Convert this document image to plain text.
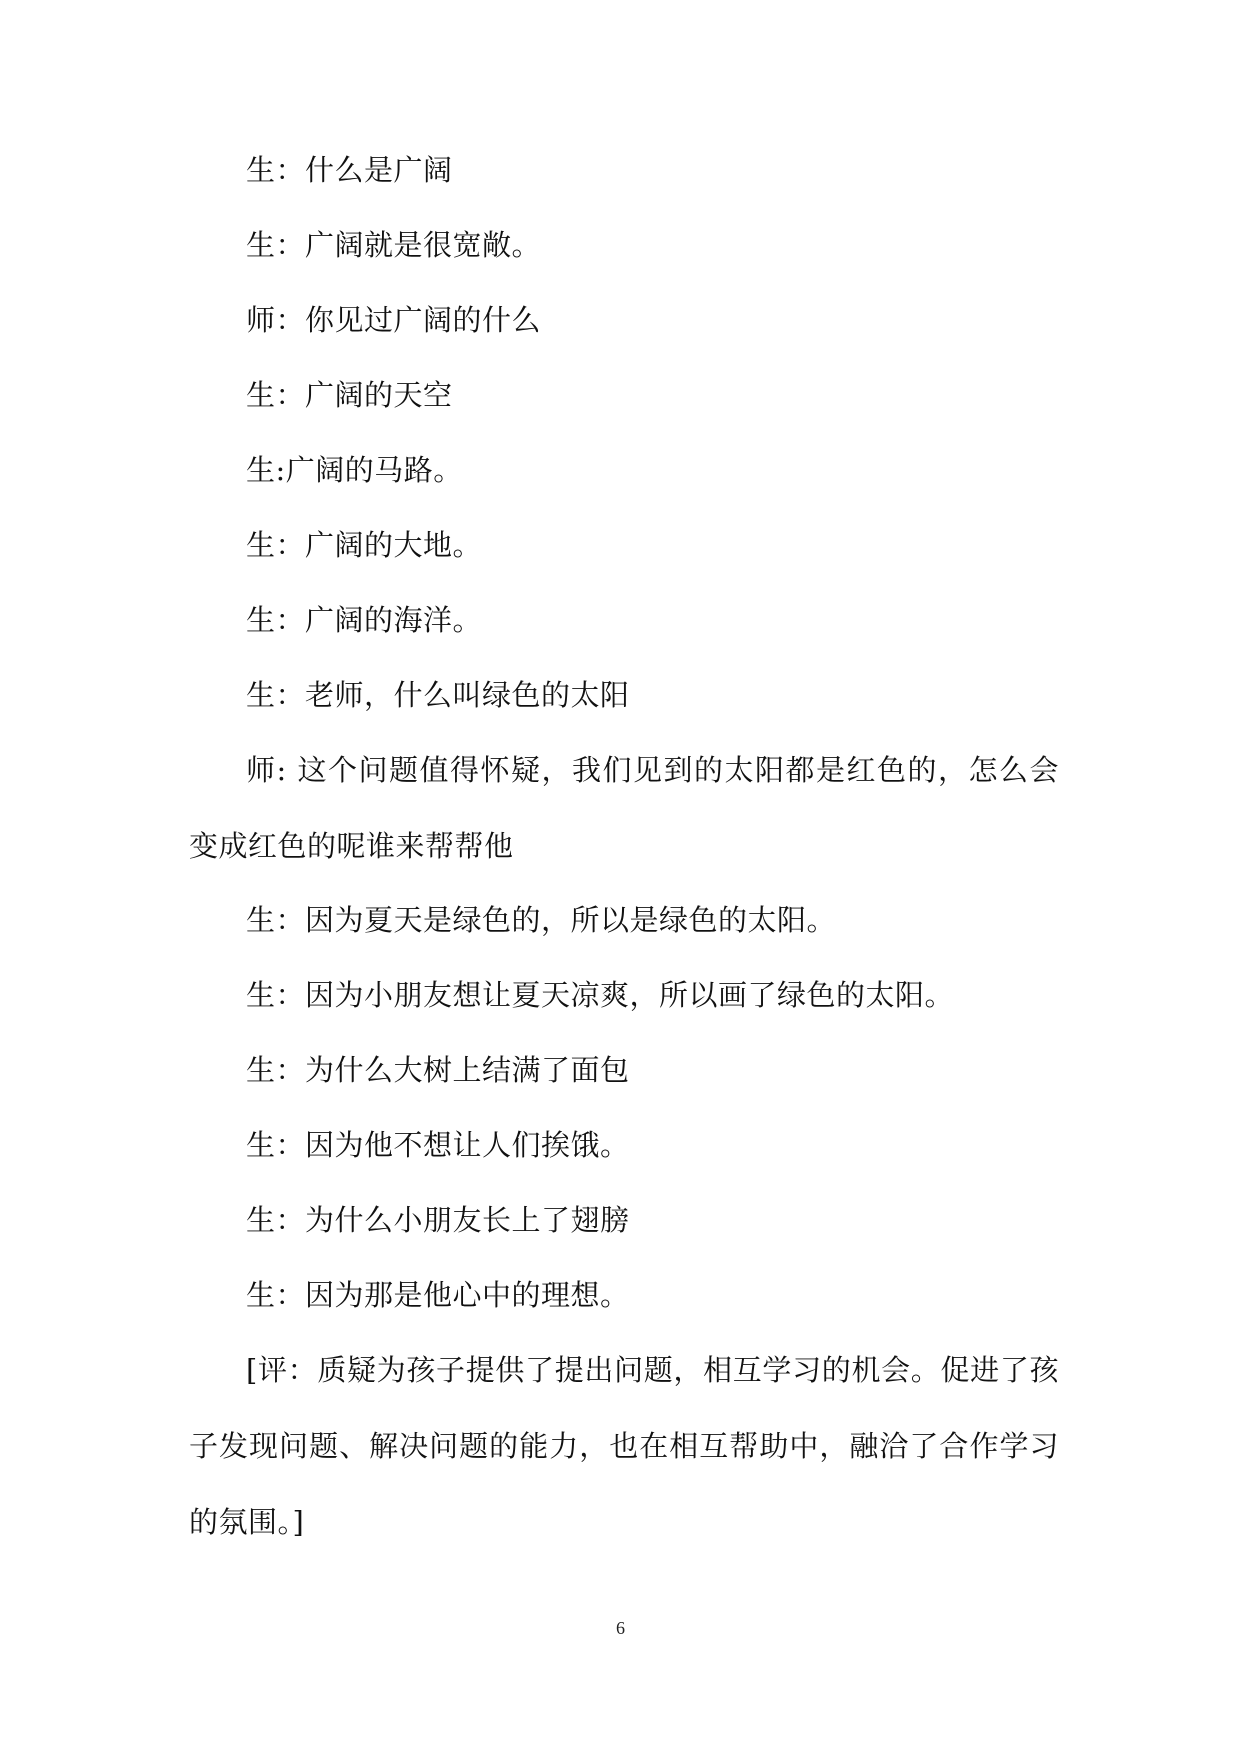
生：什么是广阔

生：广阔就是很宽敞。

师：你见过广阔的什么

生：广阔的天空

生:广阔的马路。

生：广阔的大地。

生：广阔的海洋。

生：老师，什么叫绿色的太阳

师: 这个问题值得怀疑，我们见到的太阳都是红色的，怎么会变成红色的呢谁来帮帮他

生：因为夏天是绿色的，所以是绿色的太阳。

生：因为小朋友想让夏天凉爽，所以画了绿色的太阳。

生：为什么大树上结满了面包

生：因为他不想让人们挨饿。

生：为什么小朋友长上了翅膀

生：因为那是他心中的理想。

[评：质疑为孩子提供了提出问题，相互学习的机会。促进了孩子发现问题、解决问题的能力，也在相互帮助中，融洽了合作学习的氛围。]

6
